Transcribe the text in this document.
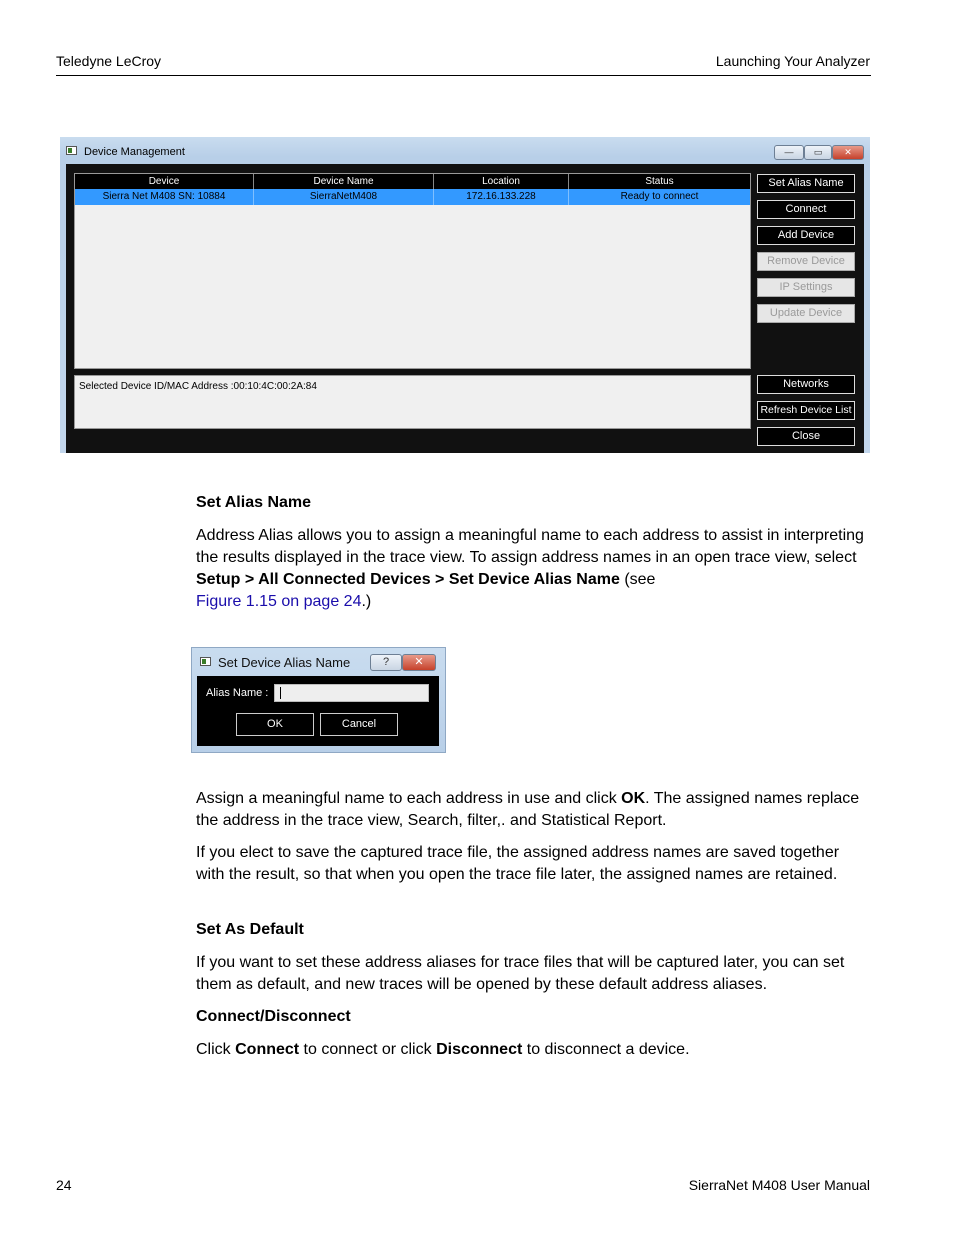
Teledyne LeCroy	Launching Your Analyzer
Device Management	—	▭	✕
Device	Device Name	Location	Status
Sierra Net M408 SN: 10884	SierraNetM408	172.16.133.228	Ready to connect
Selected Device ID/MAC Address :00:10:4C:00:2A:84
Set Alias Name
Connect
Add Device
Remove Device
IP Settings
Update Device
Networks
Refresh Device List
Close
Set Alias Name
Address Alias allows you to assign a meaningful name to each address to assist in interpreting the results displayed in the trace view. To assign address names in an open trace view, select Setup > All Connected Devices > Set Device Alias Name (see
Figure 1.15 on page 24.)
Set Device Alias Name	?	✕
Alias Name :
OK	Cancel
Assign a meaningful name to each address in use and click OK. The assigned names replace the address in the trace view, Search, filter,. and Statistical Report.
If you elect to save the captured trace file, the assigned address names are saved together with the result, so that when you open the trace file later, the assigned names are retained.
Set As Default
If you want to set these address aliases for trace files that will be captured later, you can set them as default, and new traces will be opened by these default address aliases.
Connect/Disconnect
Click Connect to connect or click Disconnect to disconnect a device.
24	SierraNet M408 User Manual
